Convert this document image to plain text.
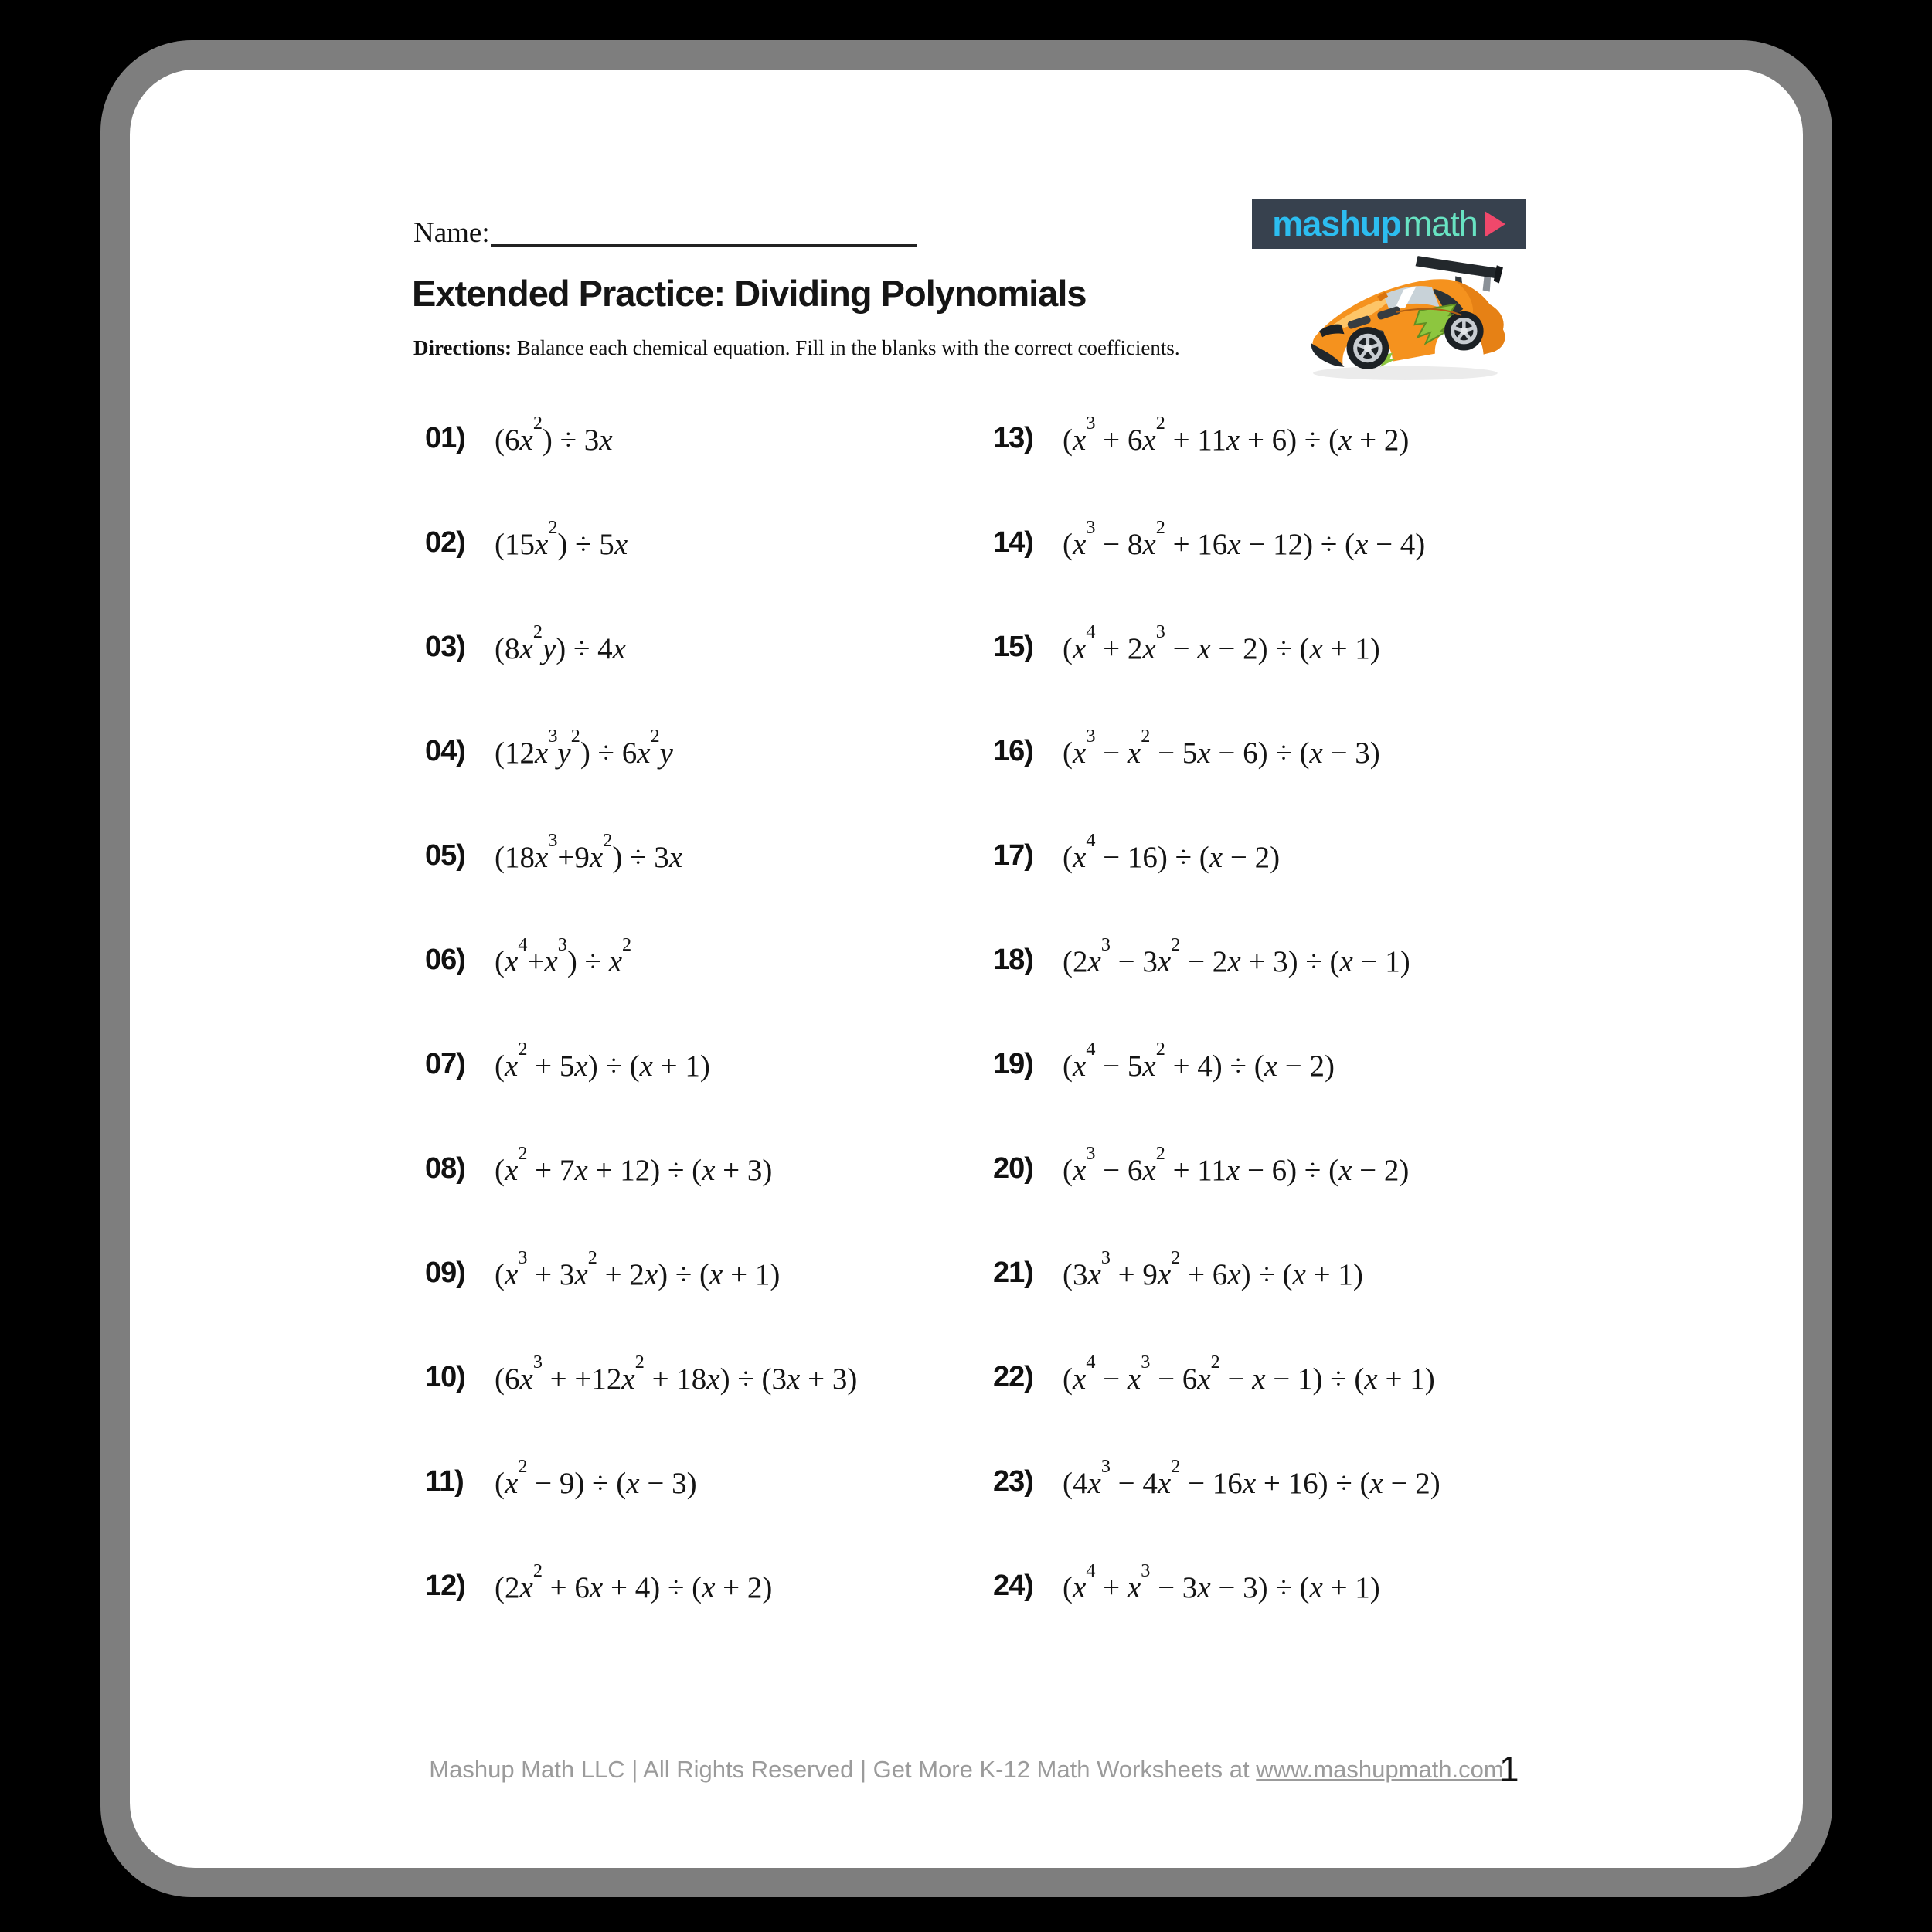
Name:
Extended Practice: Dividing Polynomials
Directions: Balance each chemical equation. Fill in the blanks with the correct coefficients.
mashup math
01) $(6x^2) \div 3x$
02) $(15x^2) \div 5x$
03) $(8x^2y) \div 4x$
04) $(12x^3y^2) \div 6x^2y$
05) $(18x^3+9x^2) \div 3x$
06) $(x^4+x^3) \div x^2$
07) $(x^2 + 5x) \div (x + 1)$
08) $(x^2 + 7x + 12) \div (x + 3)$
09) $(x^3 + 3x^2 + 2x) \div (x + 1)$
10) $(6x^3 + +12x^2 + 18x) \div (3x + 3)$
11)	$(x^2 - 9) \div (x - 3)$
12) $(2x^2 + 6x + 4) \div (x + 2)$
13) $(x^3 + 6x^2 + 11x + 6) \div (x + 2)$
14) $(x^3 - 8x^2 + 16x - 12) \div (x - 4)$
15) $(x^4 + 2x^3 - x - 2) \div (x + 1)$
16) $(x^3 - x^2 - 5x - 6) \div (x - 3)$
17) $(x^4 - 16) \div (x - 2)$
18) $(2x^3 - 3x^2 - 2x + 3) \div (x - 1)$
19) $(x^4 - 5x^2 + 4) \div (x - 2)$
20) $(x^3 - 6x^2 + 11x - 6) \div (x - 2)$
21) $(3x^3 + 9x^2 + 6x) \div (x + 1)$
22) $(x^4 - x^3 - 6x^2 - x - 1) \div (x + 1)$
23) $(4x^3 - 4x^2 - 16x + 16) \div (x - 2)$
24) $(x^4 + x^3 - 3x - 3) \div (x + 1)$
Mashup Math LLC | All Rights Reserved | Get More K-12 Math Worksheets at www.mashupmath.com
1
